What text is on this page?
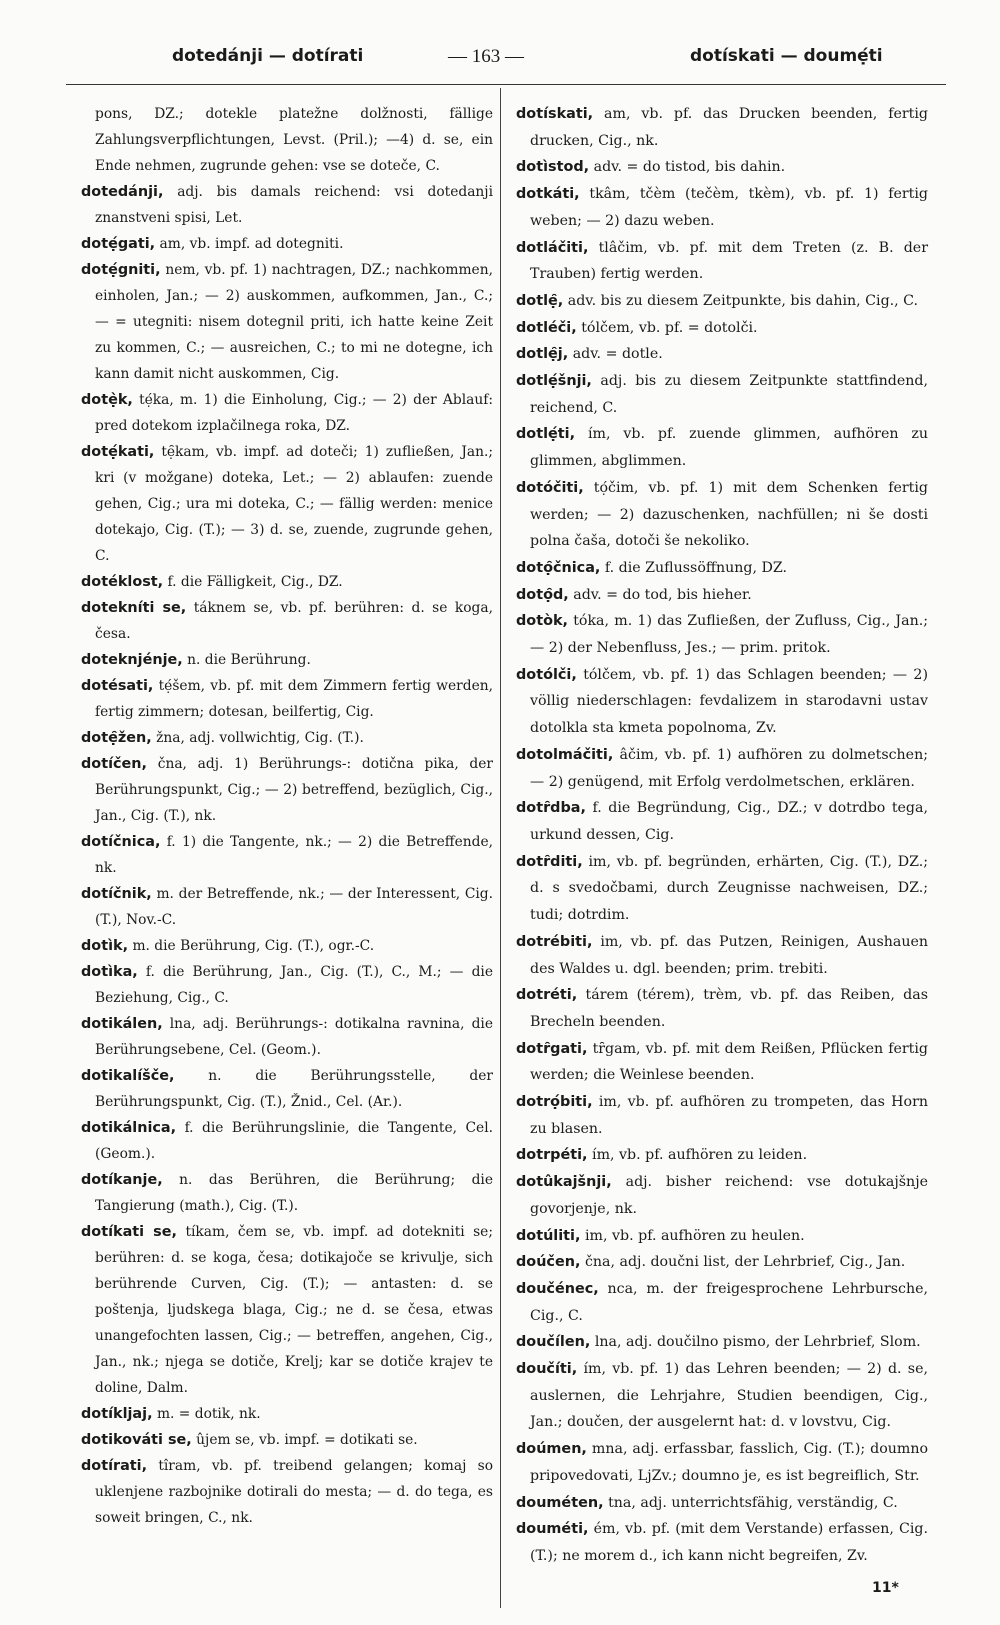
dotedánji — dotírati	— 163 —	dotískati — doumẹ́ti

pons, DZ.; dotekle platežne dolžnosti, fällige Zahlungsverpflichtungen, Levst. (Pril.); —4) d. se, ein Ende nehmen, zugrunde gehen: vse se doteče, C.

dotedánji, adj. bis damals reichend: vsi dotedanji znanstveni spisi, Let.

dotẹ́gati, am, vb. impf. ad dotegniti.

dotẹ́gniti, nem, vb. pf. 1) nachtragen, DZ.; nachkommen, einholen, Jan.; — 2) auskommen, aufkommen, Jan., C.; — = utegniti: nisem dotegnil priti, ich hatte keine Zeit zu kommen, C.; — ausreichen, C.; to mi ne dotegne, ich kann damit nicht auskommen, Cig.

dotẹ̀k, tẹ́ka, m. 1) die Einholung, Cig.; — 2) der Ablauf: pred dotekom izplačilnega roka, DZ.

dotẹ́kati, tẹ̑kam, vb. impf. ad doteči; 1) zufließen, Jan.; kri (v možgane) doteka, Let.; — 2) ablaufen: zuende gehen, Cig.; ura mi doteka, C.; — fällig werden: menice dotekajo, Cig. (T.); — 3) d. se, zuende, zugrunde gehen, C.

dotéklost, f. die Fälligkeit, Cig., DZ.

dotekníti se, táknem se, vb. pf. berühren: d. se koga, česa.

doteknjénje, n. die Berührung.

dotésati, tẹ́šem, vb. pf. mit dem Zimmern fertig werden, fertig zimmern; dotesan, beilfertig, Cig.

dotẹ̑žen, žna, adj. vollwichtig, Cig. (T.).

dotíčen, čna, adj. 1) Berührungs-: dotična pika, der Berührungspunkt, Cig.; — 2) betreffend, bezüglich, Cig., Jan., Cig. (T.), nk.

dotíčnica, f. 1) die Tangente, nk.; — 2) die Betreffende, nk.

dotíčnik, m. der Betreffende, nk.; — der Interessent, Cig. (T.), Nov.-C.

dotìk, m. die Berührung, Cig. (T.), ogr.-C.

dotìka, f. die Berührung, Jan., Cig. (T.), C., M.; — die Beziehung, Cig., C.

dotikálen, lna, adj. Berührungs-: dotikalna ravnina, die Berührungsebene, Cel. (Geom.).

dotikalíšče, n. die Berührungsstelle, der Berührungspunkt, Cig. (T.), Žnid., Cel. (Ar.).

dotikálnica, f. die Berührungslinie, die Tangente, Cel. (Geom.).

dotíkanje, n. das Berühren, die Berührung; die Tangierung (math.), Cig. (T.).

dotíkati se, tíkam, čem se, vb. impf. ad dotekniti se; berühren: d. se koga, česa; dotikajoče se krivulje, sich berührende Curven, Cig. (T.); — antasten: d. se poštenja, ljudskega blaga, Cig.; ne d. se česa, etwas unangefochten lassen, Cig.; — betreffen, angehen, Cig., Jan., nk.; njega se dotiče, Krelj; kar se dotiče krajev te doline, Dalm.

dotíkljaj, m. = dotik, nk.

dotikováti se, ûjem se, vb. impf. = dotikati se.

dotírati, tîram, vb. pf. treibend gelangen; komaj so uklenjene razbojnike dotirali do mesta; — d. do tega, es soweit bringen, C., nk.

dotískati, am, vb. pf. das Drucken beenden, fertig drucken, Cig., nk.

dotìstod, adv. = do tistod, bis dahin.

dotkáti, tkâm, tčèm (tečèm, tkèm), vb. pf. 1) fertig weben; — 2) dazu weben.

dotláčiti, tlâčim, vb. pf. mit dem Treten (z. B. der Trauben) fertig werden.

dotlẹ̑, adv. bis zu diesem Zeitpunkte, bis dahin, Cig., C.

dotléči, tólčem, vb. pf. = dotolči.

dotlẹ̑j, adv. = dotle.

dotlẹ́šnji, adj. bis zu diesem Zeitpunkte stattfindend, reichend, C.

dotlẹ́ti, ím, vb. pf. zuende glimmen, aufhören zu glimmen, abglimmen.

dotóčiti, tọ́čim, vb. pf. 1) mit dem Schenken fertig werden; — 2) dazuschenken, nachfüllen; ni še dosti polna čaša, dotoči še nekoliko.

dotọ̑čnica, f. die Zuflussöffnung, DZ.

dotọ̑d, adv. = do tod, bis hieher.

dotòk, tóka, m. 1) das Zufließen, der Zufluss, Cig., Jan.; — 2) der Nebenfluss, Jes.; — prim. pritok.

dotólči, tólčem, vb. pf. 1) das Schlagen beenden; — 2) völlig niederschlagen: fevdalizem in starodavni ustav dotolkla sta kmeta popolnoma, Zv.

dotolmáčiti, âčim, vb. pf. 1) aufhören zu dolmetschen; — 2) genügend, mit Erfolg verdolmetschen, erklären.

dotȓdba, f. die Begründung, Cig., DZ.; v dotrdbo tega, urkund dessen, Cig.

dotȓditi, im, vb. pf. begründen, erhärten, Cig. (T.), DZ.; d. s svedočbami, durch Zeugnisse nachweisen, DZ.; tudi; dotrdim.

dotrébiti, im, vb. pf. das Putzen, Reinigen, Aushauen des Waldes u. dgl. beenden; prim. trebiti.

dotréti, tárem (térem), trèm, vb. pf. das Reiben, das Brecheln beenden.

dotȓgati, tȓgam, vb. pf. mit dem Reißen, Pflücken fertig werden; die Weinlese beenden.

dotrọ́biti, im, vb. pf. aufhören zu trompeten, das Horn zu blasen.

dotrpéti, ím, vb. pf. aufhören zu leiden.

dotûkajšnji, adj. bisher reichend: vse dotukajšnje govorjenje, nk.

dotúliti, im, vb. pf. aufhören zu heulen.

doúčen, čna, adj. doučni list, der Lehrbrief, Cig., Jan.

doučénec, nca, m. der freigesprochene Lehrbursche, Cig., C.

doučílen, lna, adj. doučilno pismo, der Lehrbrief, Slom.

doučíti, ím, vb. pf. 1) das Lehren beenden; — 2) d. se, auslernen, die Lehrjahre, Studien beendigen, Cig., Jan.; doučen, der ausgelernt hat: d. v lovstvu, Cig.

doúmen, mna, adj. erfassbar, fasslich, Cig. (T.); doumno pripovedovati, LjZv.; doumno je, es ist begreiflich, Str.

douméten, tna, adj. unterrichtsfähig, verständig, C.

douméti, ém, vb. pf. (mit dem Verstande) erfassen, Cig. (T.); ne morem d., ich kann nicht begreifen, Zv.

11*
